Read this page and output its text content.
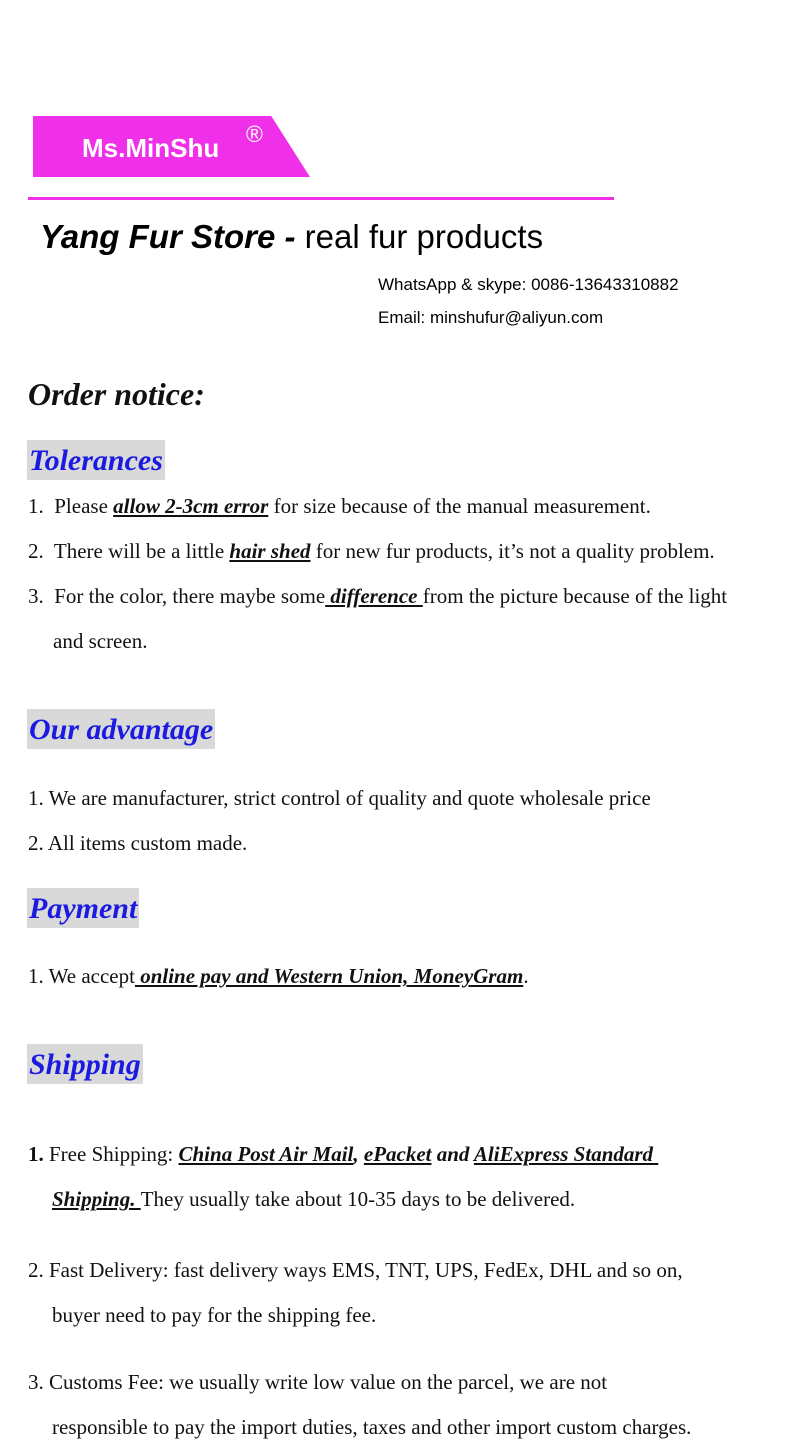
Ms.MinShu ®
Yang Fur Store - real fur products
WhatsApp & skype: 0086-13643310882
Email: minshufur@aliyun.com
Order notice:
Tolerances
1. Please allow 2-3cm error for size because of the manual measurement.
2. There will be a little hair shed for new fur products, it’s not a quality problem.
3. For the color, there maybe some difference from the picture because of the light
and screen.
Our advantage
1. We are manufacturer, strict control of quality and quote wholesale price
2. All items custom made.
Payment
1. We accept online pay and Western Union, MoneyGram.
Shipping
1. Free Shipping: China Post Air Mail, ePacket and AliExpress Standard
Shipping. They usually take about 10-35 days to be delivered.
2. Fast Delivery: fast delivery ways EMS, TNT, UPS, FedEx, DHL and so on,
buyer need to pay for the shipping fee.
3. Customs Fee: we usually write low value on the parcel, we are not
responsible to pay the import duties, taxes and other import custom charges.
